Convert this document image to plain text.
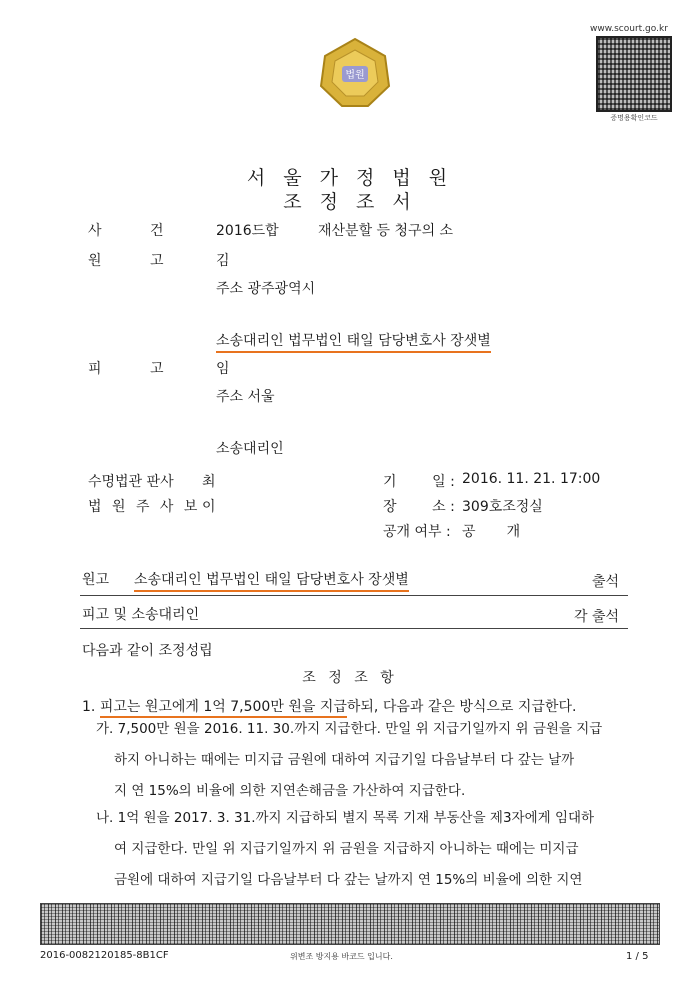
법원
www.scourt.go.kr
증명용확인코드
서 울 가 정 법 원
조 정 조 서
사 건 2016드합	재산분할 등 청구의 소
원 고 김
주소 광주광역시
소송대리인 법무법인 태일 담당변호사 장샛별
피 고 임
주소 서울
소송대리인
수명법관 판사 최
법 원 주 사 보 이
기        일 : 2016. 11. 21. 17:00
장        소 : 309호조정실
공개 여부 : 공       개
원고 소송대리인 법무법인 태일 담당변호사 장샛별	출석
피고 및 소송대리인	각 출석
다음과 같이 조정성립
조 정 조 항
1. 피고는 원고에게 1억 7,500만 원을 지급하되, 다음과 같은 방식으로 지급한다.
가. 7,500만 원을 2016. 11. 30.까지 지급한다. 만일 위 지급기일까지 위 금원을 지급
하지 아니하는 때에는 미지급 금원에 대하여 지급기일 다음날부터 다 갚는 날까
지 연 15%의 비율에 의한 지연손해금을 가산하여 지급한다.
나. 1억 원을 2017. 3. 31.까지 지급하되 별지 목록 기재 부동산을 제3자에게 임대하
여 지급한다. 만일 위 지급기일까지 위 금원을 지급하지 아니하는 때에는 미지급
금원에 대하여 지급기일 다음날부터 다 갚는 날까지 연 15%의 비율에 의한 지연
2016-0082120185-8B1CF	위변조 방지용 바코드 입니다.	1 / 5
